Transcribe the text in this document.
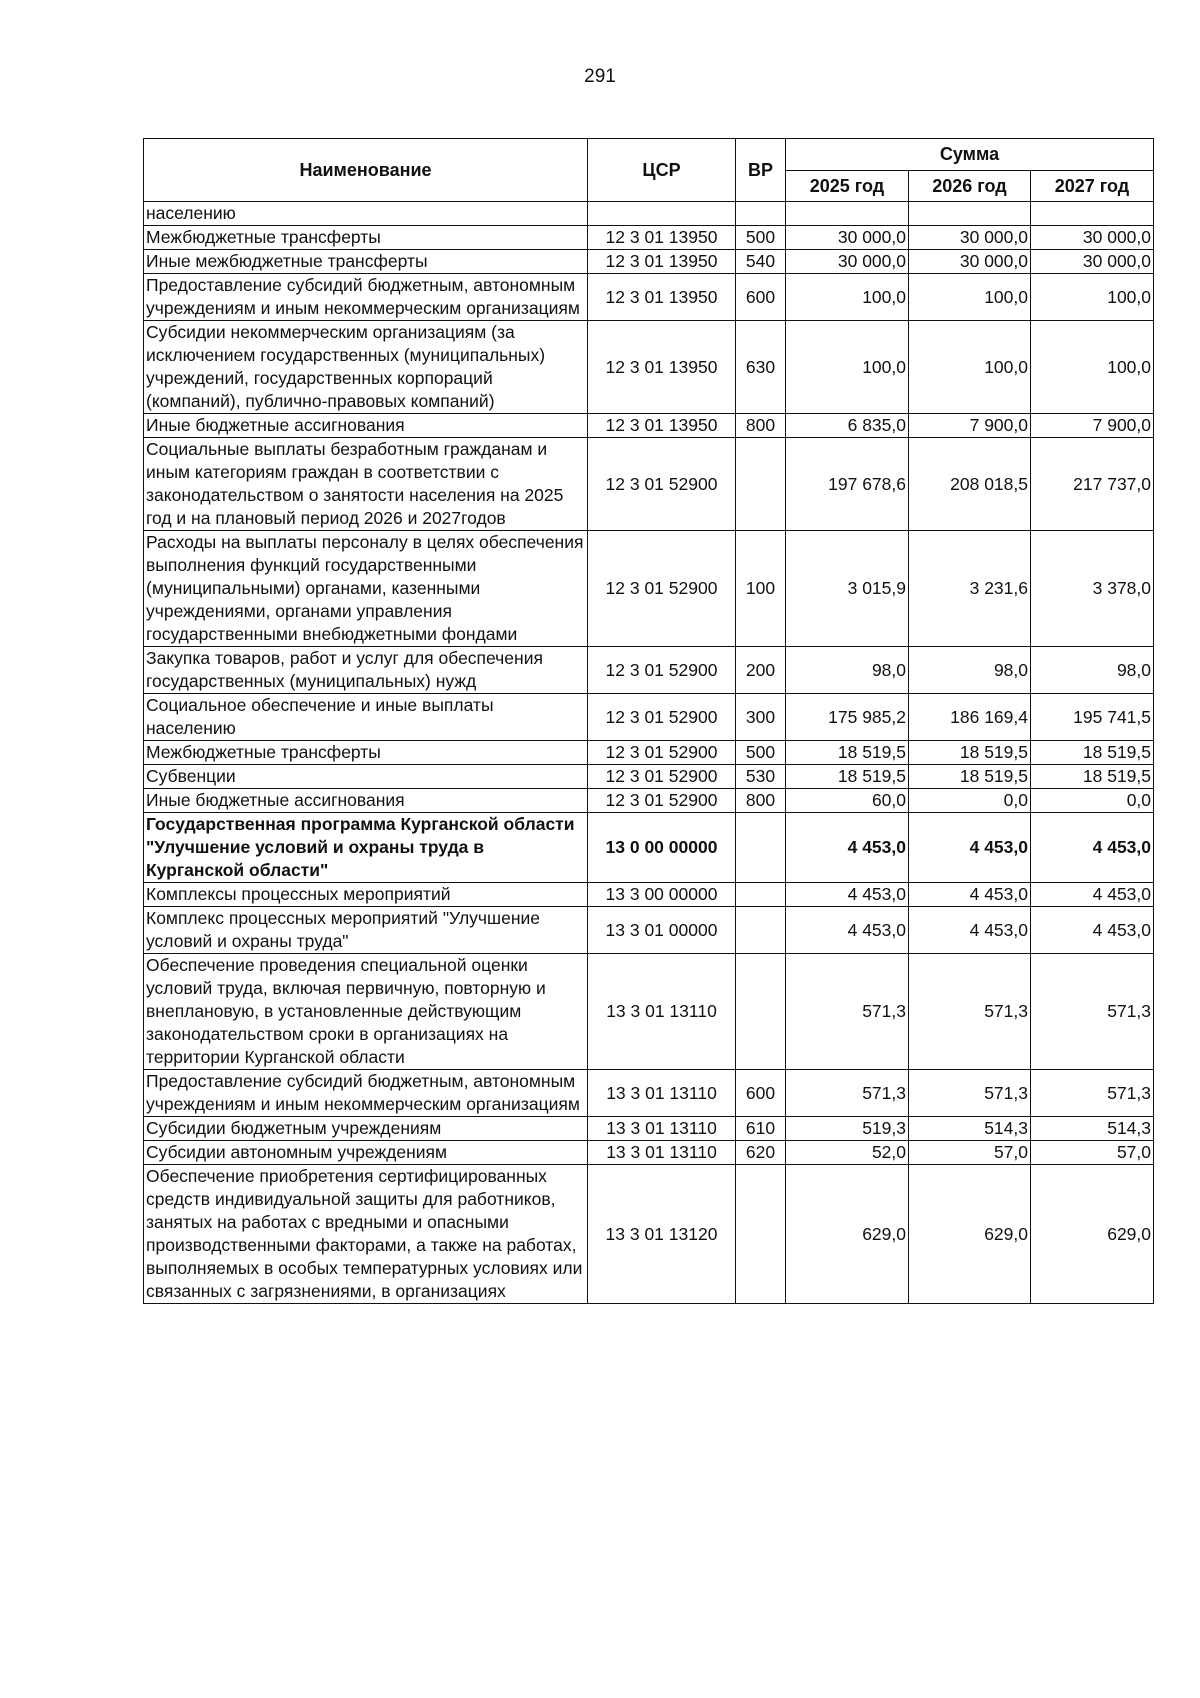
291
Наименование	ЦСР	ВР	Сумма		
			2025 год	2026 год	2027 год
населению					
Межбюджетные трансферты	12 3 01 13950	500	30 000,0	30 000,0	30 000,0
Иные межбюджетные трансферты	12 3 01 13950	540	30 000,0	30 000,0	30 000,0
Предоставление субсидий бюджетным, автономным учреждениям и иным некоммерческим организациям	12 3 01 13950	600	100,0	100,0	100,0
Субсидии некоммерческим организациям (за исключением государственных (муниципальных) учреждений, государственных корпораций (компаний), публично-правовых компаний)	12 3 01 13950	630	100,0	100,0	100,0
Иные бюджетные ассигнования	12 3 01 13950	800	6 835,0	7 900,0	7 900,0
Социальные выплаты безработным гражданам и иным категориям граждан в соответствии с законодательством о занятости населения на 2025 год и на плановый период 2026 и 2027годов	12 3 01 52900		197 678,6	208 018,5	217 737,0
Расходы на выплаты персоналу в целях обеспечения выполнения функций государственными (муниципальными) органами, казенными учреждениями, органами управления государственными внебюджетными фондами	12 3 01 52900	100	3 015,9	3 231,6	3 378,0
Закупка товаров, работ и услуг для обеспечения государственных (муниципальных) нужд	12 3 01 52900	200	98,0	98,0	98,0
Социальное обеспечение и иные выплаты населению	12 3 01 52900	300	175 985,2	186 169,4	195 741,5
Межбюджетные трансферты	12 3 01 52900	500	18 519,5	18 519,5	18 519,5
Субвенции	12 3 01 52900	530	18 519,5	18 519,5	18 519,5
Иные бюджетные ассигнования	12 3 01 52900	800	60,0	0,0	0,0
Государственная программа Курганской области "Улучшение условий и охраны труда в Курганской области"	13 0 00 00000		4 453,0	4 453,0	4 453,0
Комплексы процессных мероприятий	13 3 00 00000		4 453,0	4 453,0	4 453,0
Комплекс процессных мероприятий "Улучшение условий и охраны труда"	13 3 01 00000		4 453,0	4 453,0	4 453,0
Обеспечение проведения специальной оценки условий труда, включая первичную, повторную и внеплановую, в установленные действующим законодательством сроки в организациях на территории Курганской области	13 3 01 13110		571,3	571,3	571,3
Предоставление субсидий бюджетным, автономным учреждениям и иным некоммерческим организациям	13 3 01 13110	600	571,3	571,3	571,3
Субсидии бюджетным учреждениям	13 3 01 13110	610	519,3	514,3	514,3
Субсидии автономным учреждениям	13 3 01 13110	620	52,0	57,0	57,0
Обеспечение приобретения сертифицированных средств индивидуальной защиты для работников, занятых на работах с вредными и опасными производственными факторами, а также на работах, выполняемых в особых температурных условиях или связанных с загрязнениями, в организациях	13 3 01 13120		629,0	629,0	629,0
